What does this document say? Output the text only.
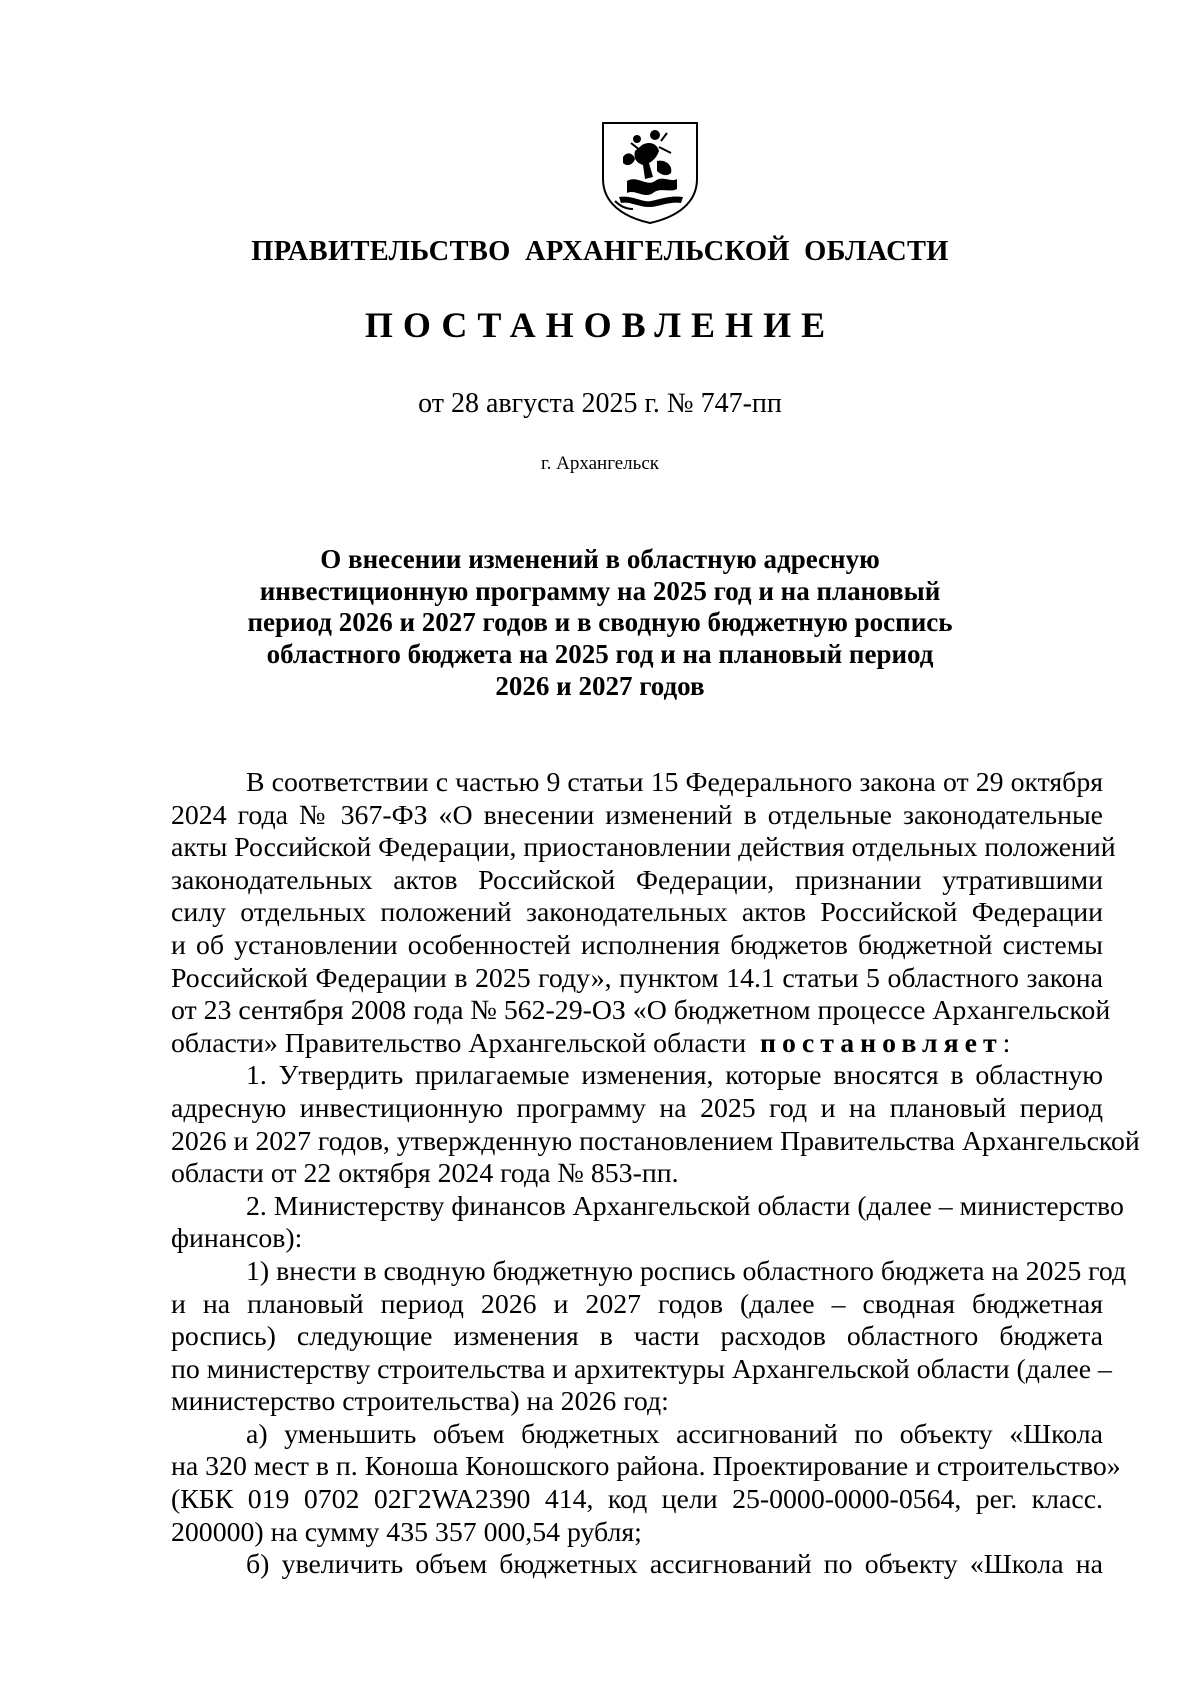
ПРАВИТЕЛЬСТВО АРХАНГЕЛЬСКОЙ ОБЛАСТИ
ПОСТАНОВЛЕНИЕ
от 28 августа 2025 г. № 747-пп
г. Архангельск
О внесении изменений в областную адресную
инвестиционную программу на 2025 год и на плановый
период 2026 и 2027 годов и в сводную бюджетную роспись
областного бюджета на 2025 год и на плановый период
2026 и 2027 годов
В соответствии с частью 9 статьи 15 Федерального закона от 29 октября
2024 года № 367-ФЗ «О внесении изменений в отдельные законодательные
акты Российской Федерации, приостановлении действия отдельных положений
законодательных актов Российской Федерации, признании утратившими
силу отдельных положений законодательных актов Российской Федерации
и об установлении особенностей исполнения бюджетов бюджетной системы
Российской Федерации в 2025 году», пунктом 14.1 статьи 5 областного закона
от 23 сентября 2008 года № 562-29-ОЗ «О бюджетном процессе Архангельской
области» Правительство Архангельской области постановляет:
1. Утвердить прилагаемые изменения, которые вносятся в областную
адресную инвестиционную программу на 2025 год и на плановый период
2026 и 2027 годов, утвержденную постановлением Правительства Архангельской
области от 22 октября 2024 года № 853-пп.
2. Министерству финансов Архангельской области (далее – министерство
финансов):
1) внести в сводную бюджетную роспись областного бюджета на 2025 год
и на плановый период 2026 и 2027 годов (далее – сводная бюджетная
роспись) следующие изменения в части расходов областного бюджета
по министерству строительства и архитектуры Архангельской области (далее –
министерство строительства) на 2026 год:
а) уменьшить объем бюджетных ассигнований по объекту «Школа
на 320 мест в п. Коноша Коношского района. Проектирование и строительство»
(КБК 019 0702 02Г2WA2390 414, код цели 25-0000-0000-0564, рег. класс.
200000) на сумму 435 357 000,54 рубля;
б) увеличить объем бюджетных ассигнований по объекту «Школа на
